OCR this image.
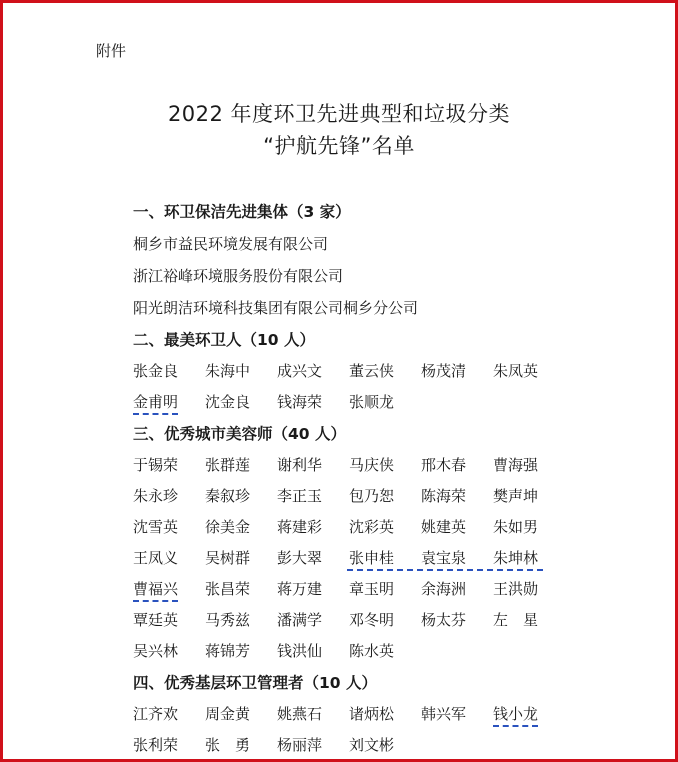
附件
2022 年度环卫先进典型和垃圾分类
“护航先锋”名单
一、环卫保洁先进集体（3 家）
桐乡市益民环境发展有限公司
浙江裕峰环境服务股份有限公司
阳光朗洁环境科技集团有限公司桐乡分公司
二、最美环卫人（10 人）
张金良 朱海中 成兴文 董云侠 杨茂清 朱凤英
金甫明 沈金良 钱海荣 张顺龙
三、优秀城市美容师（40 人）
于锡荣 张群莲 谢利华 马庆侠 邢木春 曹海强
朱永珍 秦叙珍 李正玉 包乃恕 陈海荣 樊声坤
沈雪英 徐美金 蒋建彩 沈彩英 姚建英 朱如男
王凤义 吴树群 彭大翠 张申桂 袁宝泉 朱坤林
曹福兴 张昌荣 蒋万建 章玉明 余海洲 王洪勋
覃廷英 马秀兹 潘满学 邓冬明 杨太芬 左　星
吴兴林 蒋锦芳 钱洪仙 陈水英
四、优秀基层环卫管理者（10 人）
江齐欢 周金黄 姚燕石 诸炳松 韩兴军 钱小龙
张利荣 张　勇 杨丽萍 刘文彬
